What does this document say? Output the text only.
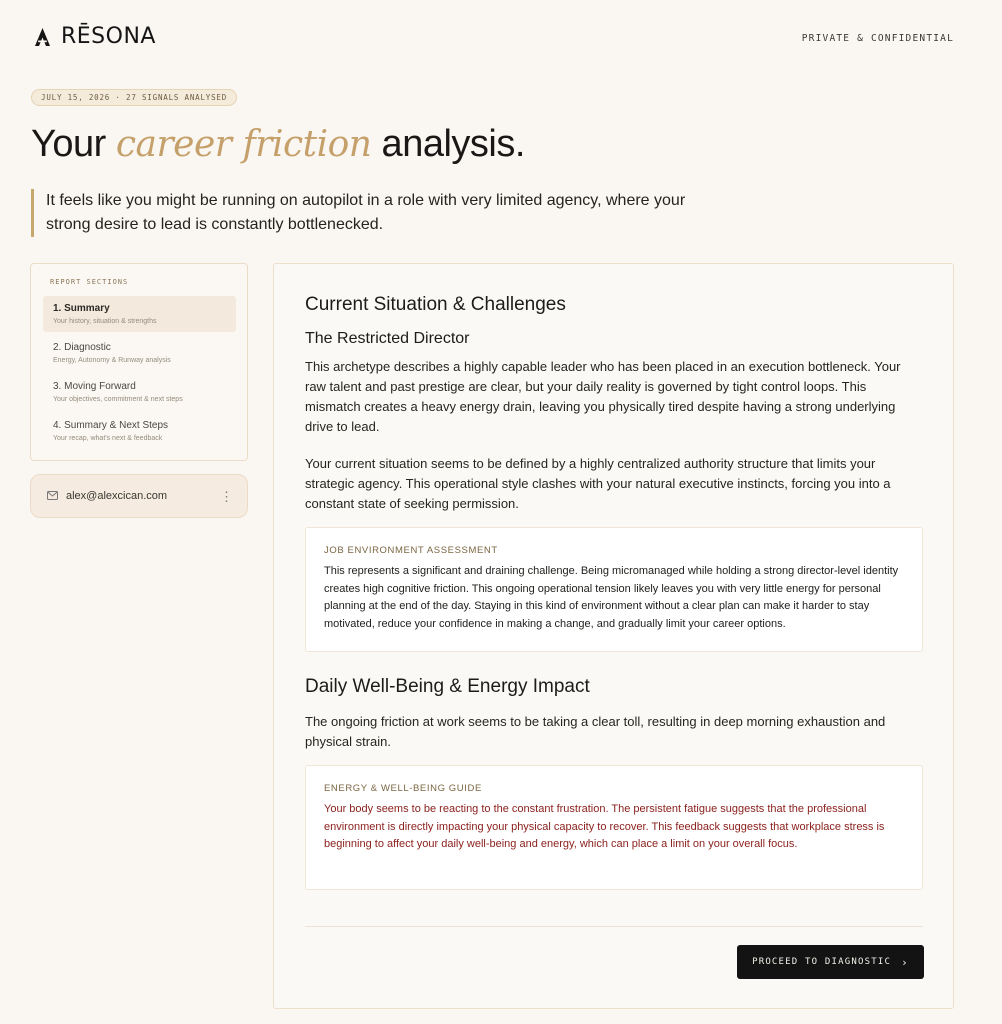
RĒSONA	PRIVATE & CONFIDENTIAL
JULY 15, 2026 · 27 SIGNALS ANALYSED
Your career friction analysis.
It feels like you might be running on autopilot in a role with very limited agency, where your strong desire to lead is constantly bottlenecked.
REPORT SECTIONS
1. Summary
Your history, situation & strengths
2. Diagnostic
Energy, Autonomy & Runway analysis
3. Moving Forward
Your objectives, commitment & next steps
4. Summary & Next Steps
Your recap, what's next & feedback
alex@alexcican.com	⋮
Current Situation & Challenges
The Restricted Director

This archetype describes a highly capable leader who has been placed in an execution bottleneck. Your raw talent and past prestige are clear, but your daily reality is governed by tight control loops. This mismatch creates a heavy energy drain, leaving you physically tired despite having a strong underlying drive to lead.

Your current situation seems to be defined by a highly centralized authority structure that limits your strategic agency. This operational style clashes with your natural executive instincts, forcing you into a constant state of seeking permission.

JOB ENVIRONMENT ASSESSMENT
This represents a significant and draining challenge. Being micromanaged while holding a strong director-level identity creates high cognitive friction. This ongoing operational tension likely leaves you with very little energy for personal planning at the end of the day. Staying in this kind of environment without a clear plan can make it harder to stay motivated, reduce your confidence in making a change, and gradually limit your career options.
Daily Well-Being & Energy Impact

The ongoing friction at work seems to be taking a clear toll, resulting in deep morning exhaustion and physical strain.

ENERGY & WELL-BEING GUIDE
Your body seems to be reacting to the constant frustration. The persistent fatigue suggests that the professional environment is directly impacting your physical capacity to recover. This feedback suggests that workplace stress is beginning to affect your daily well-being and energy, which can place a limit on your overall focus.
PROCEED TO DIAGNOSTIC ›
